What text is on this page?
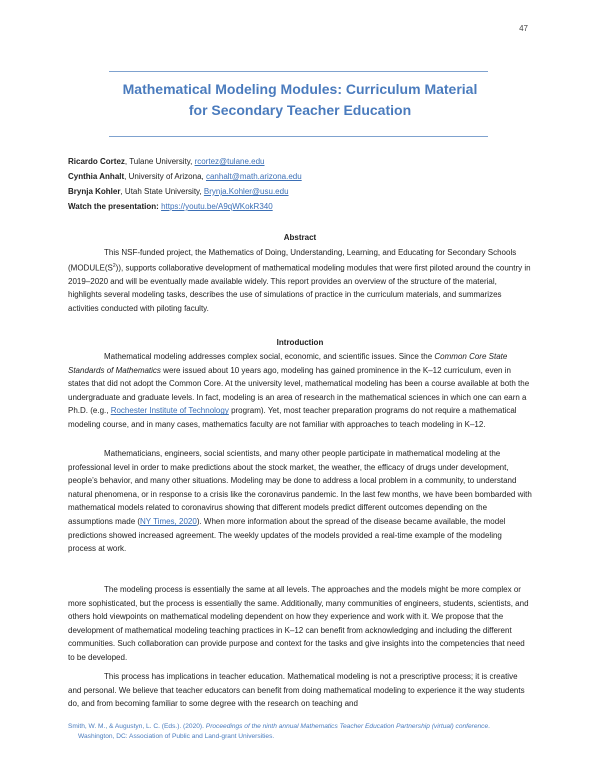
47
Mathematical Modeling Modules: Curriculum Material
for Secondary Teacher Education
Ricardo Cortez, Tulane University, rcortez@tulane.edu
Cynthia Anhalt, University of Arizona, canhalt@math.arizona.edu
Brynja Kohler, Utah State University, Brynja.Kohler@usu.edu
Watch the presentation: https://youtu.be/A9qWKokR340
Abstract
This NSF-funded project, the Mathematics of Doing, Understanding, Learning, and Educating for Secondary Schools $(MODULE(S^2))$, supports collaborative development of mathematical modeling modules that were first piloted around the country in 2019–2020 and will be eventually made available widely. This report provides an overview of the structure of the material, highlights several modeling tasks, describes the use of simulations of practice in the curriculum materials, and summarizes activities conducted with piloting faculty.
Introduction
Mathematical modeling addresses complex social, economic, and scientific issues. Since the Common Core State Standards of Mathematics were issued about 10 years ago, modeling has gained prominence in the K–12 curriculum, even in states that did not adopt the Common Core. At the university level, mathematical modeling has been a course available at both the undergraduate and graduate levels. In fact, modeling is an area of research in the mathematical sciences in which one can earn a Ph.D. (e.g., Rochester Institute of Technology program). Yet, most teacher preparation programs do not require a mathematical modeling course, and in many cases, mathematics faculty are not familiar with approaches to teach modeling in K–12.
Mathematicians, engineers, social scientists, and many other people participate in mathematical modeling at the professional level in order to make predictions about the stock market, the weather, the efficacy of drugs under development, people’s behavior, and many other situations. Modeling may be done to address a local problem in a community, to understand natural phenomena, or in response to a crisis like the coronavirus pandemic. In the last few months, we have been bombarded with mathematical models related to coronavirus showing that different models predict different outcomes depending on the assumptions made (NY Times, 2020). When more information about the spread of the disease became available, the model predictions showed increased agreement. The weekly updates of the models provided a real-time example of the modeling process at work.
The modeling process is essentially the same at all levels. The approaches and the models might be more complex or more sophisticated, but the process is essentially the same. Additionally, many communities of engineers, students, scientists, and others hold viewpoints on mathematical modeling dependent on how they experience and work with it. We propose that the development of mathematical modeling teaching practices in K–12 can benefit from acknowledging and including the different communities. Such collaboration can provide purpose and context for the tasks and give insights into the competencies that need to be developed.
This process has implications in teacher education. Mathematical modeling is not a prescriptive process; it is creative and personal. We believe that teacher educators can benefit from doing mathematical modeling to experience it the way students do, and from becoming familiar to some degree with the research on teaching and
Smith, W. M., & Augustyn, L. C. (Eds.). (2020). Proceedings of the ninth annual Mathematics Teacher Education Partnership (virtual) conference.
Washington, DC: Association of Public and Land-grant Universities.
